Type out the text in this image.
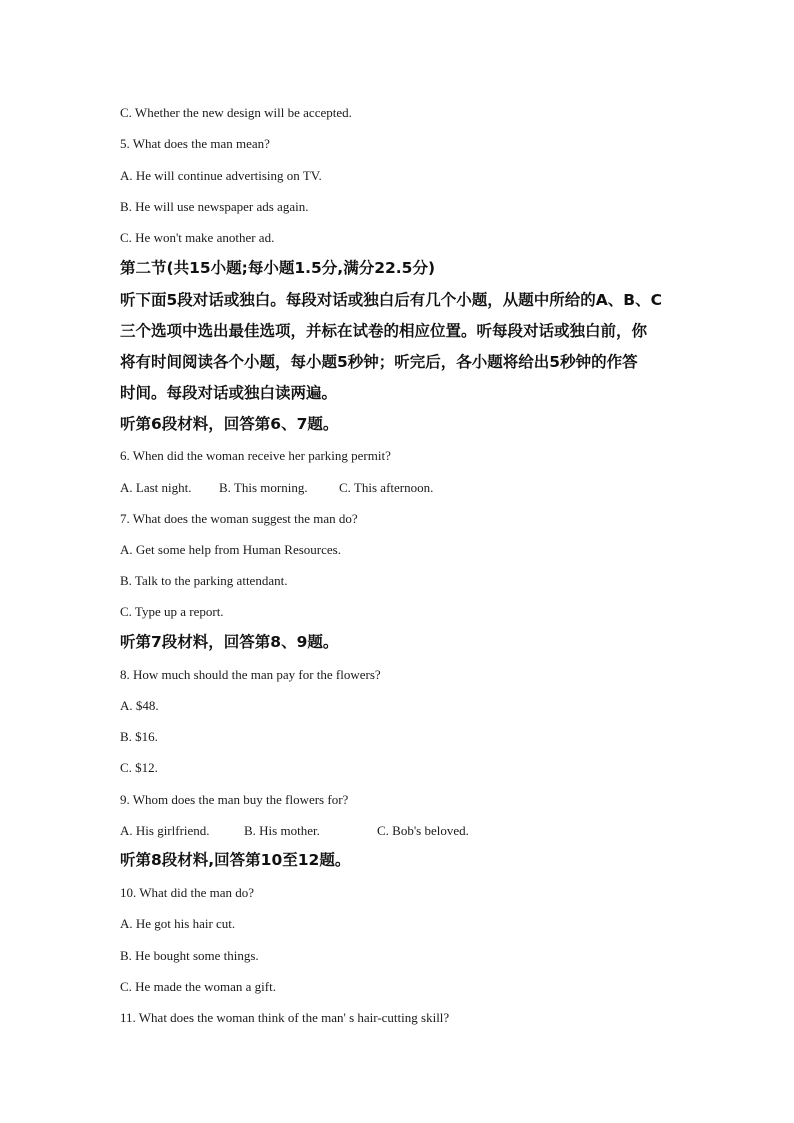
C. Whether the new design will be accepted.
5. What does the man mean?
A. He will continue advertising on TV.
B. He will use newspaper ads again.
C. He won't make another ad.
第二节(共15小题;每小题1.5分,满分22.5分)
听下面5段对话或独白。每段对话或独白后有几个小题，从题中所给的A、B、C
三个选项中选出最佳选项，并标在试卷的相应位置。听每段对话或独白前，你
将有时间阅读各个小题，每小题5秒钟；听完后，各小题将给出5秒钟的作答
时间。每段对话或独白读两遍。
听第6段材料，回答第6、7题。
6. When did the woman receive her parking permit?
A. Last night. B. This morning. C. This afternoon.
7. What does the woman suggest the man do?
A. Get some help from Human Resources.
B. Talk to the parking attendant.
C. Type up a report.
听第7段材料，回答第8、9题。
8. How much should the man pay for the flowers?
A. $48.
B. $16.
C. $12.
9. Whom does the man buy the flowers for?
A. His girlfriend.	B. His mother.	C. Bob's beloved.
听第8段材料,回答第10至12题。
10. What did the man do?
A. He got his hair cut.
B. He bought some things.
C. He made the woman a gift.
11. What does the woman think of the man' s hair-cutting skill?
